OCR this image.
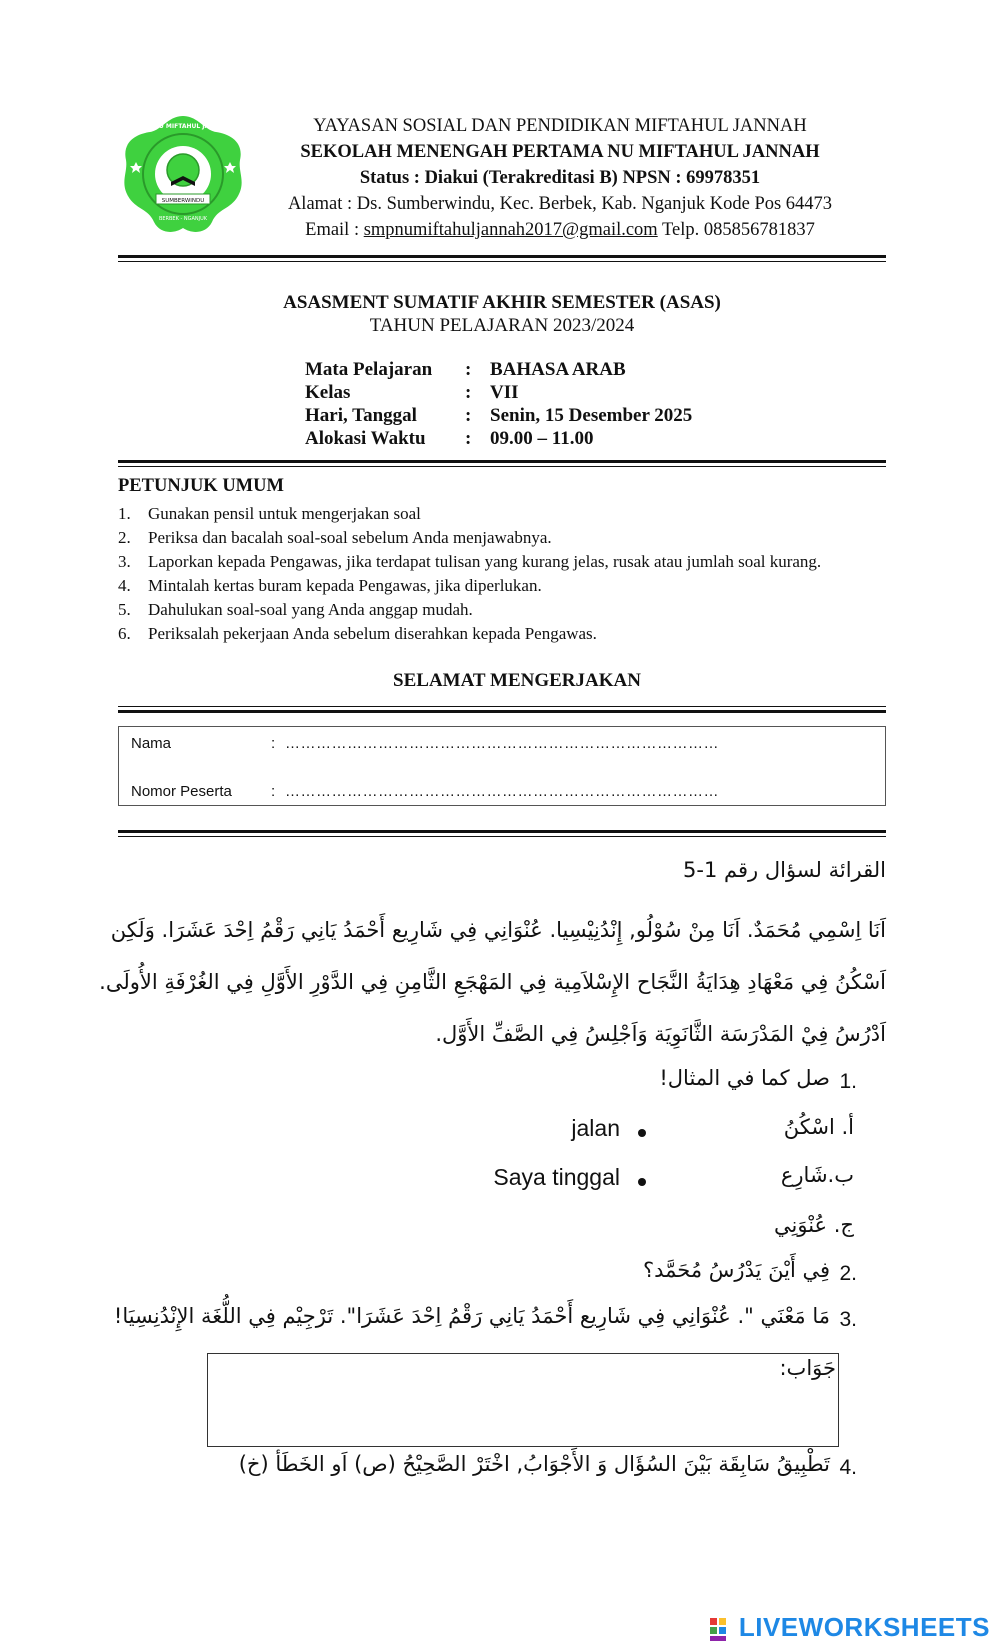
SMP NU MIFTAHUL JANNAH
SUMBERWINDU
BERBEK - NGANJUK
YAYASAN SOSIAL DAN PENDIDIKAN MIFTAHUL JANNAH
SEKOLAH MENENGAH PERTAMA NU MIFTAHUL JANNAH
Status : Diakui (Terakreditasi B) NPSN : 69978351
Alamat : Ds. Sumberwindu, Kec. Berbek, Kab. Nganjuk Kode Pos 64473
Email : smpnumiftahuljannah2017@gmail.com Telp. 085856781837
ASASMENT SUMATIF AKHIR SEMESTER (ASAS)
TAHUN PELAJARAN 2023/2024
Mata Pelajaran	:	BAHASA ARAB
Kelas	:	VII
Hari, Tanggal	:	Senin, 15 Desember 2025
Alokasi Waktu	:	09.00 – 11.00
PETUNJUK UMUM
1. Gunakan pensil untuk mengerjakan soal
2. Periksa dan bacalah soal-soal sebelum Anda menjawabnya.
3. Laporkan kepada Pengawas, jika terdapat tulisan yang kurang jelas, rusak atau jumlah soal kurang.
4. Mintalah kertas buram kepada Pengawas, jika diperlukan.
5. Dahulukan soal-soal yang Anda anggap mudah.
6. Periksalah pekerjaan Anda sebelum diserahkan kepada Pengawas.
SELAMAT MENGERJAKAN
Nama	: …………………………………………………………………………
Nomor Peserta	: …………………………………………………………………………
القرائة لسؤال رقم 1-5
اَنَا اِسْمِي مُحَمَدٌ. اَنَا مِنْ سُوْلُو, إِنْدُنِيْسِيا. عُنْوَانِي فِي شَارِيع أَحْمَدُ يَانِي رَقْمُ اِحْدَ عَشَرَا. وَلَكِن
اَسْكُنُ فِي مَعْهَادِ هِدَايَةُ النَّجَاح الإِسْلاَمِية فِي المَهْجَعِ الثَّامِنِ فِي الدَّوْرِ الأَوَّلِ فِي الغُرْفَةِ الأُولَى.
اَدْرُسُ فِيْ المَدْرَسَة الثَّانَوِيَة وَاَجْلِسُ فِي الصَّفِّ الأَوَّل.
1.
صل كما في المثال!
أ. اسْكُنُ
jalan
ب.شَارِع
Saya tinggal
ج. عُنْوَنِي
2.
فِي أَيْنَ يَدْرُسُ مُحَمَّد؟
3.
مَا مَعْنَي ". عُنْوَانِي فِي شَارِيع أَحْمَدُ يَانِي رَقْمُ اِحْدَ عَشَرَا". تَرْجِيْم فِي اللُّغَة الإِنْدُنِسِيَا!
جَوَاب:
4.
تَطْبِيقُ سَابِقَة بَيْنَ السُؤَال وَ الأَجْوَابُ, اخْتَرْ الصَّحِيْحُ (ص) اَو الخَطَأ (خ)
LIVEWORKSHEETS
